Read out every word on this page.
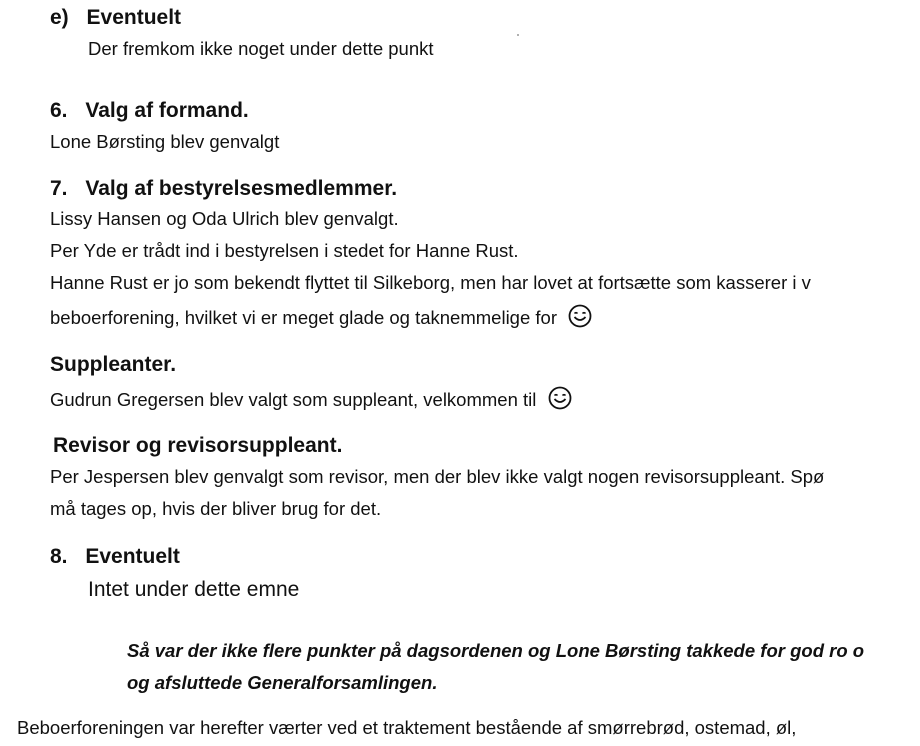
e) Eventuelt
Der fremkom ikke noget under dette punkt
6. Valg af formand.
Lone Børsting blev genvalgt
7. Valg af bestyrelsesmedlemmer.
Lissy Hansen og Oda Ulrich blev genvalgt.
Per Yde er trådt ind i bestyrelsen i stedet for Hanne Rust.
Hanne Rust er jo som bekendt flyttet til Silkeborg, men har lovet at fortsætte som kasserer i v
beboerforening, hvilket vi er meget glade og taknemmelige for
Suppleanter.
Gudrun Gregersen blev valgt som suppleant, velkommen til
Revisor og revisorsuppleant.
Per Jespersen blev genvalgt som revisor, men der blev ikke valgt nogen revisorsuppleant. Spø
må tages op, hvis der bliver brug for det.
8. Eventuelt
Intet under dette emne
Så var der ikke flere punkter på dagsordenen og Lone Børsting takkede for god ro o
og afsluttede Generalforsamlingen.
Beboerforeningen var herefter værter ved et traktement bestående af smørrebrød, ostemad, øl,
